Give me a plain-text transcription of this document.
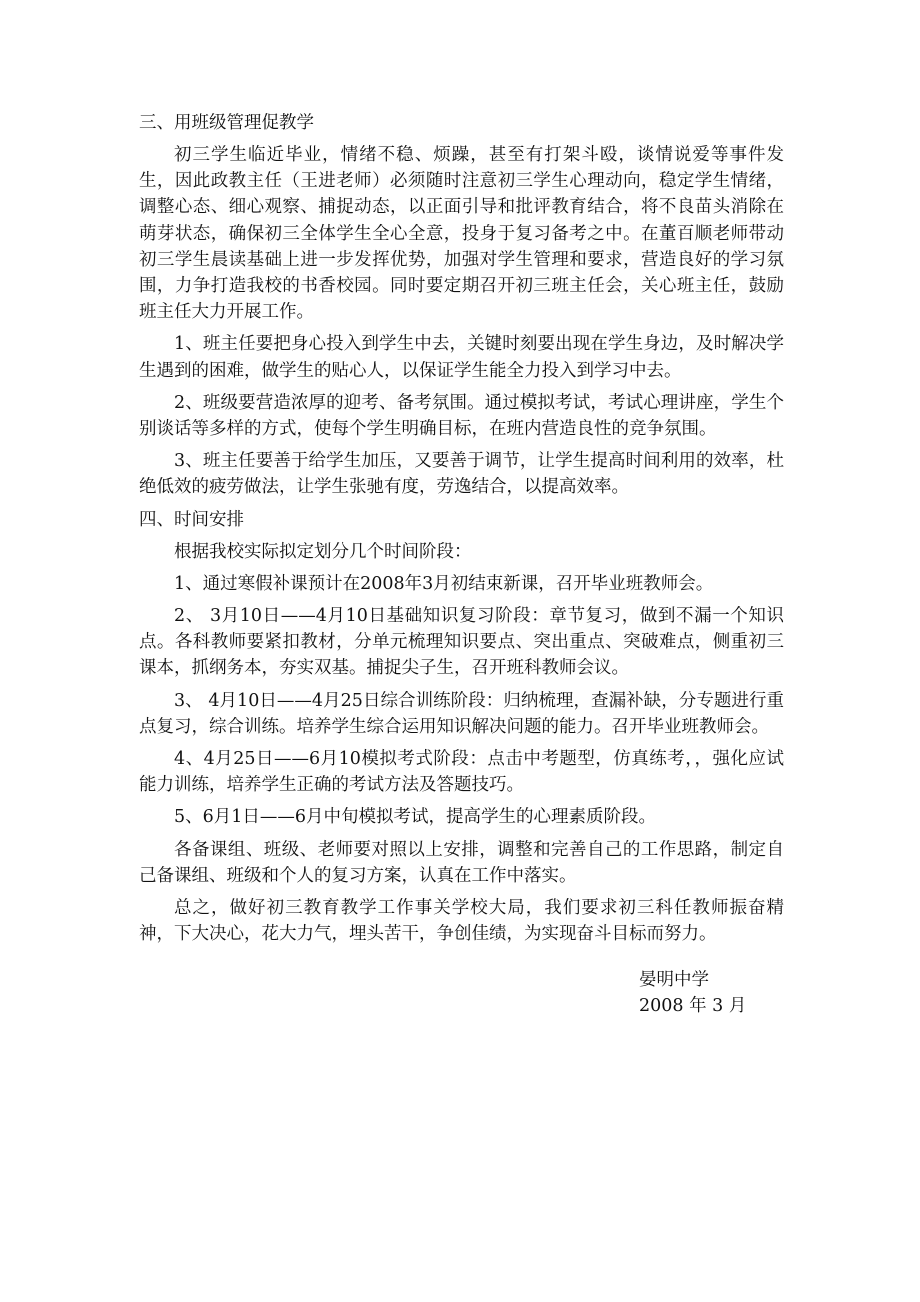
三、用班级管理促教学

初三学生临近毕业，情绪不稳、烦躁，甚至有打架斗殴，谈情说爱等事件发生，因此政教主任（王进老师）必须随时注意初三学生心理动向，稳定学生情绪，调整心态、细心观察、捕捉动态，以正面引导和批评教育结合，将不良苗头消除在萌芽状态，确保初三全体学生全心全意，投身于复习备考之中。在董百顺老师带动初三学生晨读基础上进一步发挥优势，加强对学生管理和要求，营造良好的学习氛围，力争打造我校的书香校园。同时要定期召开初三班主任会，关心班主任，鼓励班主任大力开展工作。

1、班主任要把身心投入到学生中去，关键时刻要出现在学生身边，及时解决学生遇到的困难，做学生的贴心人，以保证学生能全力投入到学习中去。

2、班级要营造浓厚的迎考、备考氛围。通过模拟考试，考试心理讲座，学生个别谈话等多样的方式，使每个学生明确目标，在班内营造良性的竞争氛围。

3、班主任要善于给学生加压，又要善于调节，让学生提高时间利用的效率，杜绝低效的疲劳做法，让学生张驰有度，劳逸结合，以提高效率。

四、时间安排

根据我校实际拟定划分几个时间阶段：

1、通过寒假补课预计在2008年3月初结束新课，召开毕业班教师会。

2、 3月10日——4月10日基础知识复习阶段：章节复习，做到不漏一个知识点。各科教师要紧扣教材，分单元梳理知识要点、突出重点、突破难点，侧重初三课本，抓纲务本，夯实双基。捕捉尖子生，召开班科教师会议。

3、 4月10日——4月25日综合训练阶段：归纳梳理，查漏补缺，分专题进行重点复习，综合训练。培养学生综合运用知识解决问题的能力。召开毕业班教师会。

4、4月25日——6月10模拟考式阶段：点击中考题型，仿真练考，，强化应试能力训练，培养学生正确的考试方法及答题技巧。

5、6月1日——6月中旬模拟考试，提高学生的心理素质阶段。

各备课组、班级、老师要对照以上安排，调整和完善自己的工作思路，制定自己备课组、班级和个人的复习方案，认真在工作中落实。

总之，做好初三教育教学工作事关学校大局，我们要求初三科任教师振奋精神，下大决心，花大力气，埋头苦干，争创佳绩，为实现奋斗目标而努力。

晏明中学
2008 年 3 月
